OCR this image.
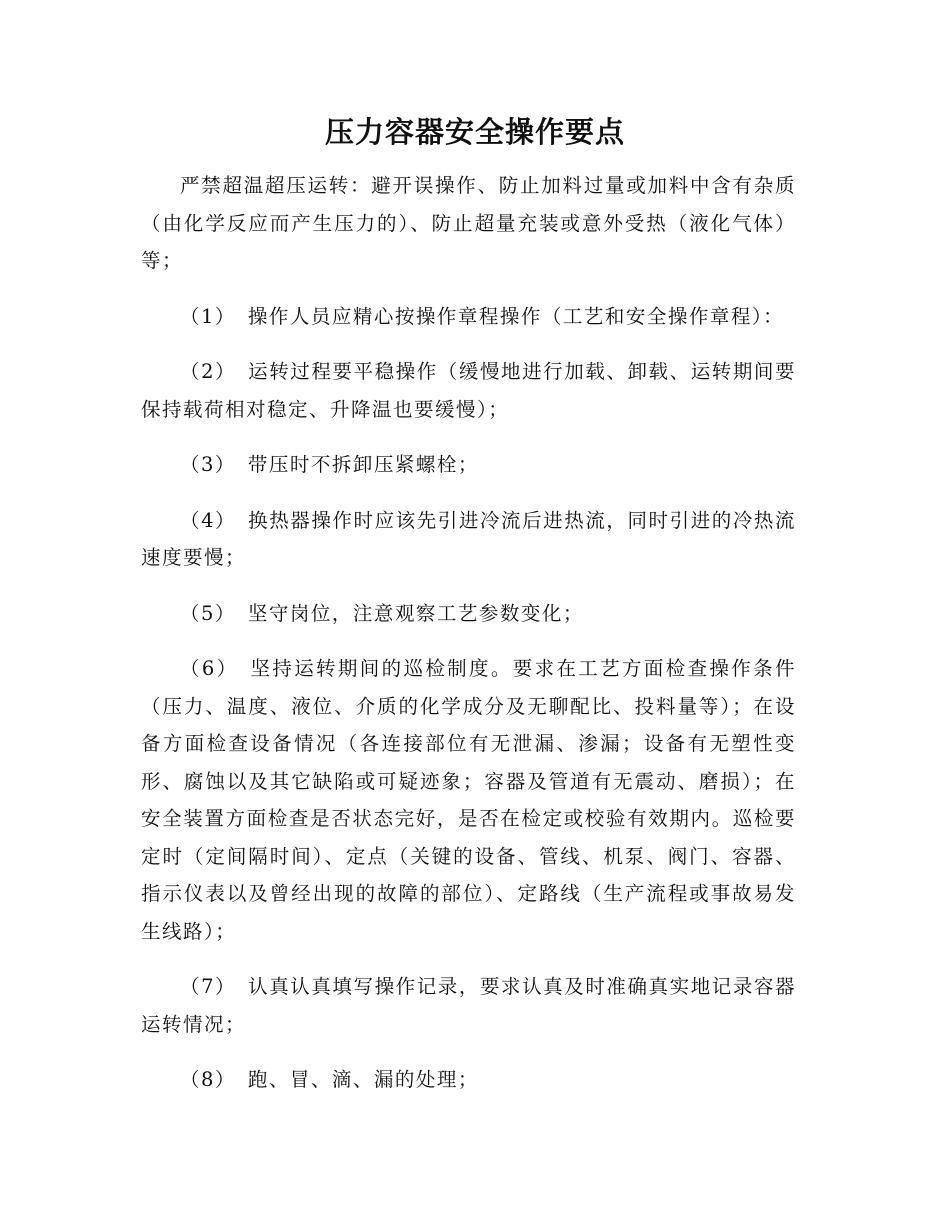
压力容器安全操作要点

严禁超温超压运转：避开误操作、防止加料过量或加料中含有杂质（由化学反应而产生压力的）、防止超量充装或意外受热（液化气体）等；

（1） 操作人员应精心按操作章程操作（工艺和安全操作章程）：

（2） 运转过程要平稳操作（缓慢地进行加载、卸载、运转期间要保持载荷相对稳定、升降温也要缓慢）；

（3） 带压时不拆卸压紧螺栓；

（4） 换热器操作时应该先引进冷流后进热流，同时引进的冷热流速度要慢；

（5） 坚守岗位，注意观察工艺参数变化；

（6） 坚持运转期间的巡检制度。要求在工艺方面检查操作条件（压力、温度、液位、介质的化学成分及无聊配比、投料量等）；在设备方面检查设备情况（各连接部位有无泄漏、渗漏；设备有无塑性变形、腐蚀以及其它缺陷或可疑迹象；容器及管道有无震动、磨损）；在安全装置方面检查是否状态完好，是否在检定或校验有效期内。巡检要定时（定间隔时间）、定点（关键的设备、管线、机泵、阀门、容器、指示仪表以及曾经出现的故障的部位）、定路线（生产流程或事故易发生线路）；

（7） 认真认真填写操作记录，要求认真及时准确真实地记录容器运转情况；

（8） 跑、冒、滴、漏的处理；
